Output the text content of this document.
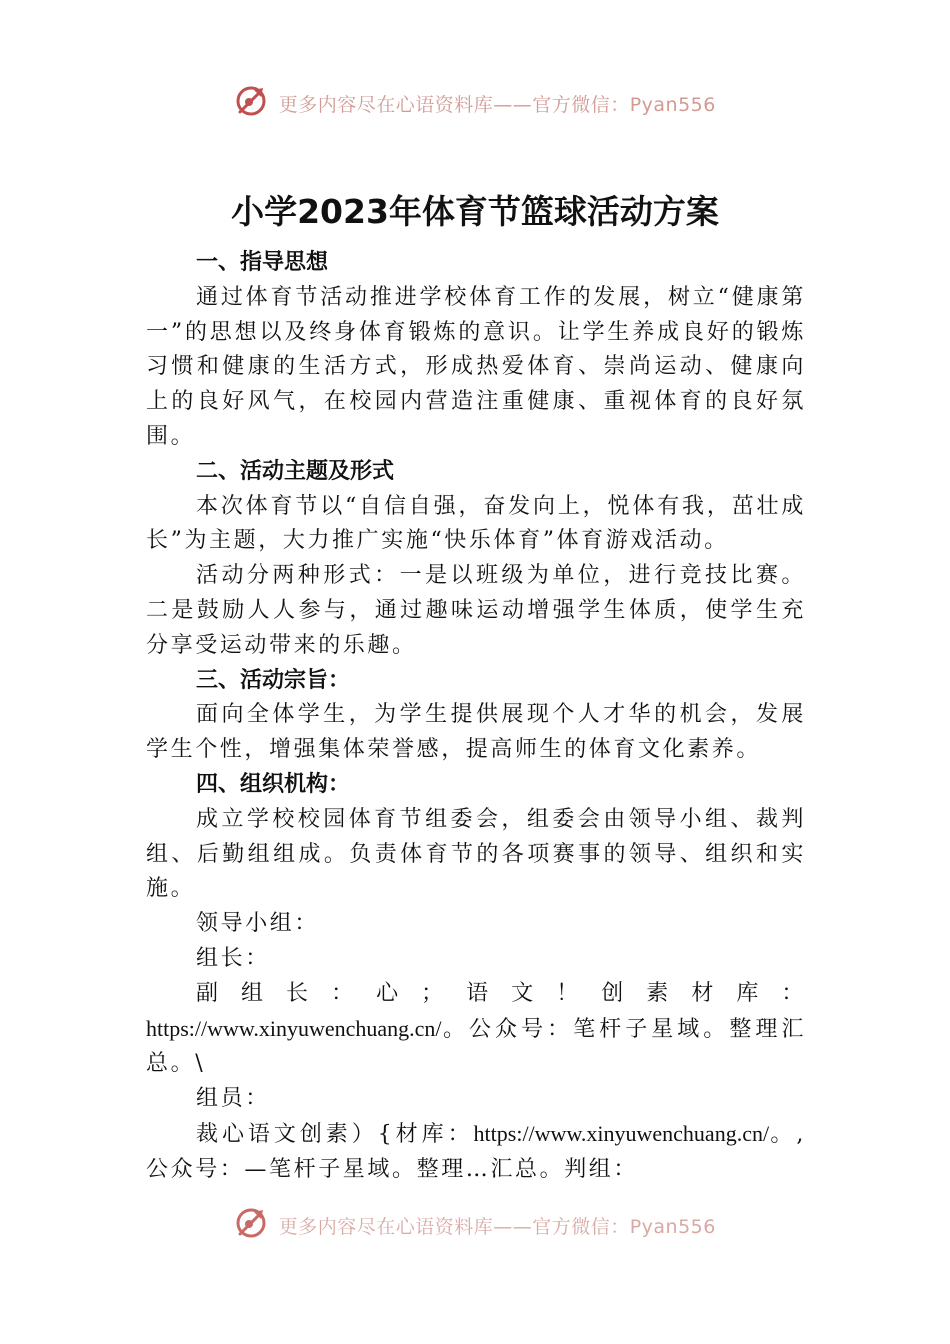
更多内容尽在心语资料库——官方微信：Pyan556
小学2023年体育节篮球活动方案

一、指导思想

通过体育节活动推进学校体育工作的发展，树立“健康第一”的思想以及终身体育锻炼的意识。让学生养成良好的锻炼习惯和健康的生活方式，形成热爱体育、崇尚运动、健康向上的良好风气，在校园内营造注重健康、重视体育的良好氛围。

二、活动主题及形式

本次体育节以“自信自强，奋发向上，悦体有我，茁壮成长”为主题，大力推广实施“快乐体育”体育游戏活动。

活动分两种形式：一是以班级为单位，进行竞技比赛。二是鼓励人人参与，通过趣味运动增强学生体质，使学生充分享受运动带来的乐趣。

三、活动宗旨：

面向全体学生，为学生提供展现个人才华的机会，发展学生个性，增强集体荣誉感，提高师生的体育文化素养。

四、组织机构：

成立学校校园体育节组委会，组委会由领导小组、裁判组、后勤组组成。负责体育节的各项赛事的领导、组织和实施。

领导小组：

组长：

副组长：心；语文！创素材库：https://www.xinyuwenchuang.cn/。公众号：笔杆子星域。整理汇总。\

组员：

裁心语文创素）{材库：https://www.xinyuwenchuang.cn/。,公众号：—笔杆子星域。整理…汇总。判组：

更多内容尽在心语资料库——官方微信：Pyan556
